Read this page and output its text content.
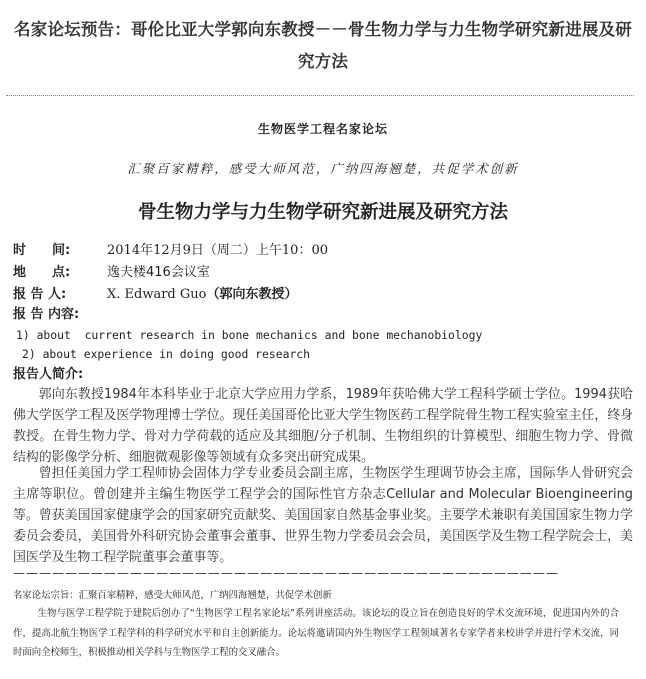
名家论坛预告：哥伦比亚大学郭向东教授－－骨生物力学与力生物学研究新进展及研究方法
生物医学工程名家论坛
汇聚百家精粹，感受大师风范，广纳四海翘楚，共促学术创新
骨生物力学与力生物学研究新进展及研究方法
时　　间:	2014年12月9日（周二）上午10：00
地　　点:	逸夫楼416会议室
报 告 人:	X. Edward Guo（郭向东教授）
报 告 内容:
1) about  current research in bone mechanics and bone mechanobiology
2) about experience in doing good research
报告人简介:

郭向东教授1984年本科毕业于北京大学应用力学系，1989年获哈佛大学工程科学硕士学位。1994获哈佛大学医学工程及医学物理博士学位。现任美国哥伦比亚大学生物医药工程学院骨生物工程实验室主任，终身教授。在骨生物力学、骨对力学荷载的适应及其细胞/分子机制、生物组织的计算模型、细胞生物力学、骨微结构的影像学分析、细胞微观影像等领域有众多突出研究成果。

曾担任美国力学工程师协会固体力学专业委员会副主席，生物医学生理调节协会主席，国际华人骨研究会主席等职位。曾创建并主编生物医学工程学会的国际性官方杂志Cellular and Molecular Bioengineering等。曾获美国国家健康学会的国家研究贡献奖、美国国家自然基金事业奖。主要学术兼职有美国国家生物力学委员会委员，美国骨外科研究协会董事会董事、世界生物力学委员会会员，美国医学及生物工程学院会士，美国医学及生物工程学院董事会董事等。

——————————————————————————————————————————
名家论坛宗旨：汇聚百家精粹，感受大师风范，广纳四海翘楚，共促学术创新

生物与医学工程学院于建院后创办了“生物医学工程名家论坛”系列讲座活动。该论坛的设立旨在创造良好的学术交流环境，促进国内外的合作，提高北航生物医学工程学科的科学研究水平和自主创新能力。论坛将邀请国内外生物医学工程领域著名专家学者来校讲学并进行学术交流，同时面向全校师生，积极推动相关学科与生物医学工程的交叉融合。
